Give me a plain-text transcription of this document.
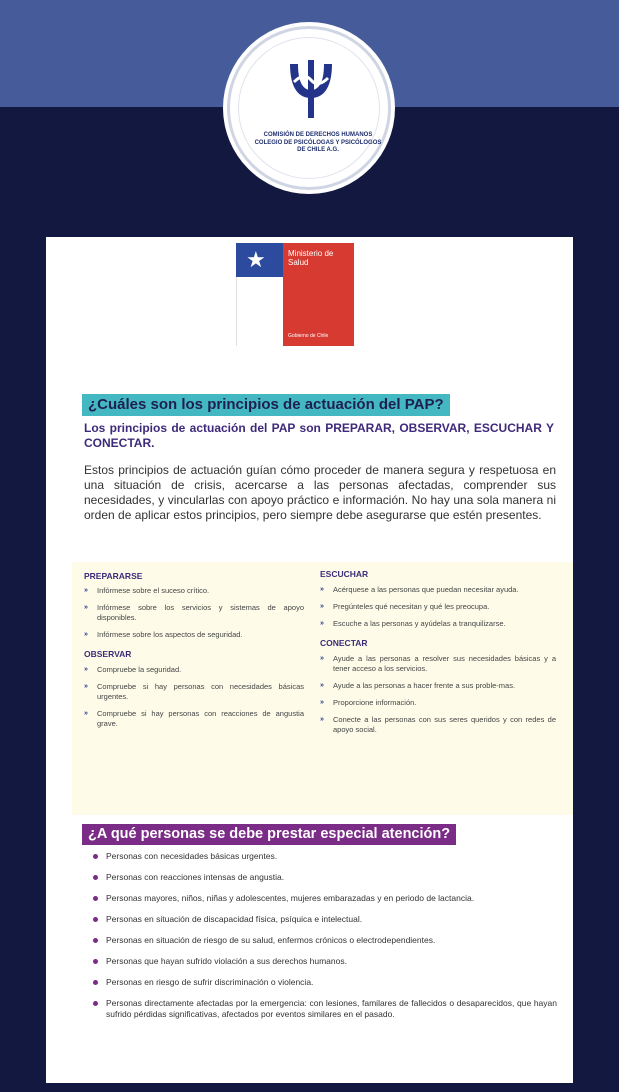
COMISIÓN DE DERECHOS HUMANOS
COLEGIO DE PSICÓLOGAS Y PSICÓLOGOS
DE CHILE A.G.
★	Ministerio de Salud
Gobierno de Chile
¿Cuáles son los principios de actuación del PAP?
Los principios de actuación del PAP son PREPARAR, OBSERVAR, ESCUCHAR Y CONECTAR.
Estos principios de actuación guían cómo proceder de manera segura y respetuosa en una situación de crisis, acercarse a las personas afectadas, comprender sus necesidades, y vincularlas con apoyo práctico e información. No hay una sola manera ni orden de aplicar estos principios, pero siempre debe asegurarse que estén presentes.
PREPARARSE
» Infórmese sobre el suceso crítico.
» Infórmese sobre los servicios y sistemas de apoyo disponibles.
» Infórmese sobre los aspectos de seguridad.
OBSERVAR
» Compruebe la seguridad.
» Compruebe si hay personas con necesidades básicas urgentes.
» Compruebe si hay personas con reacciones de angustia grave.
ESCUCHAR
» Acérquese a las personas que puedan necesitar ayuda.
» Pregúnteles qué necesitan y qué les preocupa.
» Escuche a las personas y ayúdelas a tranquilizarse.
CONECTAR
» Ayude a las personas a resolver sus necesidades básicas y a tener acceso a los servicios.
» Ayude a las personas a hacer frente a sus proble-mas.
» Proporcione información.
» Conecte a las personas con sus seres queridos y con redes de apoyo social.
¿A qué personas se debe prestar especial atención?
Personas con necesidades básicas urgentes.
Personas con reacciones intensas de angustia.
Personas mayores, niños, niñas y adolescentes, mujeres embarazadas y en periodo de lactancia.
Personas en situación de discapacidad física, psíquica e intelectual.
Personas en situación de riesgo de su salud, enfermos crónicos o electrodependientes.
Personas que hayan sufrido violación a sus derechos humanos.
Personas en riesgo de sufrir discriminación o violencia.
Personas directamente afectadas por la emergencia: con lesiones, familares de fallecidos o desaparecidos, que hayan sufrido pérdidas significativas, afectados por eventos similares en el pasado.
